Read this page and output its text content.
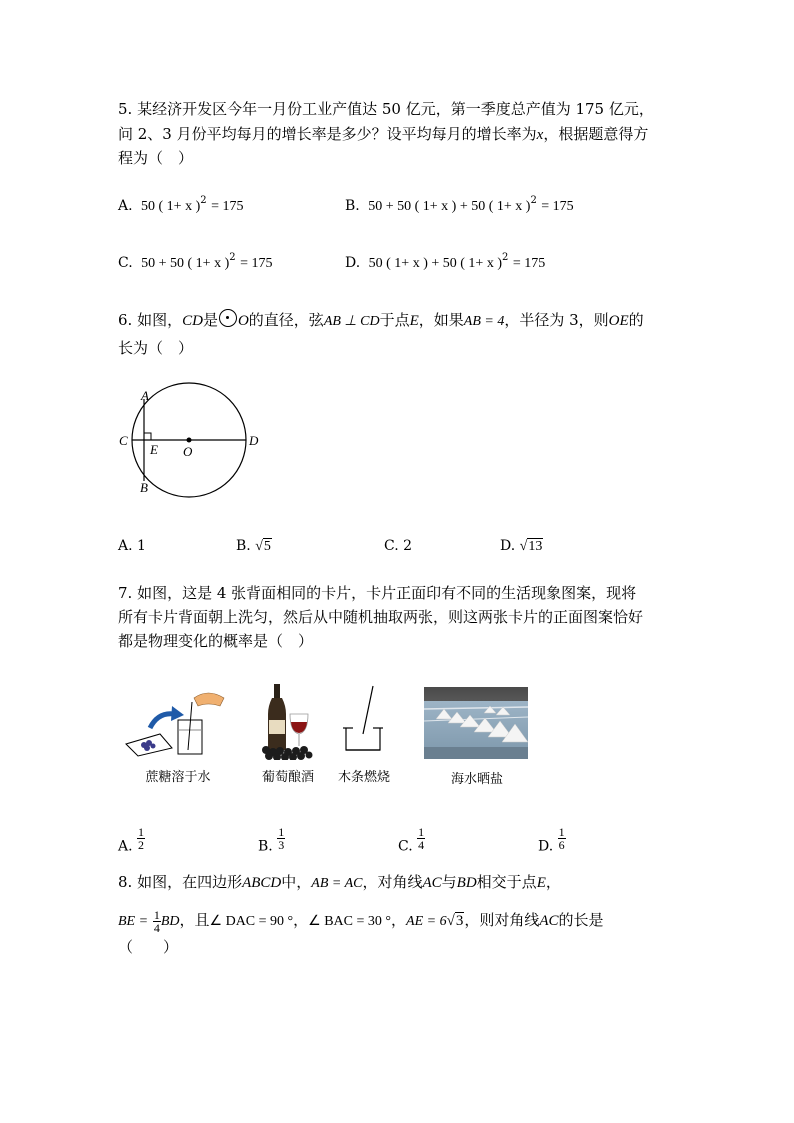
5. 某经济开发区今年一月份工业产值达 50 亿元，第一季度总产值为 175 亿元，
问 2、3 月份平均每月的增长率是多少？设平均每月的增长率为x，根据题意得方
程为（　）
A. 50 ( 1+ x )$^2$ = 175	B. 50 + 50 ( 1+ x ) + 50 ( 1+ x )$^2$ = 175
C. 50 + 50 ( 1+ x )$^2$ = 175	D. 50 ( 1+ x ) + 50 ( 1+ x )$^2$ = 175
6. 如图，CD是 O的直径，弦AB ⊥ CD于点E，如果AB = 4，半径为 3，则OE的
长为（　）
A
B
C	D
E O
A. 1	B. √5	C. 2	D. √13
7. 如图，这是 4 张背面相同的卡片，卡片正面印有不同的生活现象图案，现将
所有卡片背面朝上洗匀，然后从中随机抽取两张，则这两张卡片的正面图案恰好
都是物理变化的概率是（　）
蔗糖溶于水	葡萄酿酒	木条燃烧	海水晒盐
A. $\frac{1}{2}$	B. $\frac{1}{3}$	C. $\frac{1}{4}$	D. $\frac{1}{6}$
8. 如图，在四边形ABCD中，AB = AC，对角线AC与BD相交于点E，
BE = $\frac{1}{4}$ BD，且∠ DAC = 90 °，∠ BAC = 30 °，AE = 6√3，则对角线AC的长是
（　　）
